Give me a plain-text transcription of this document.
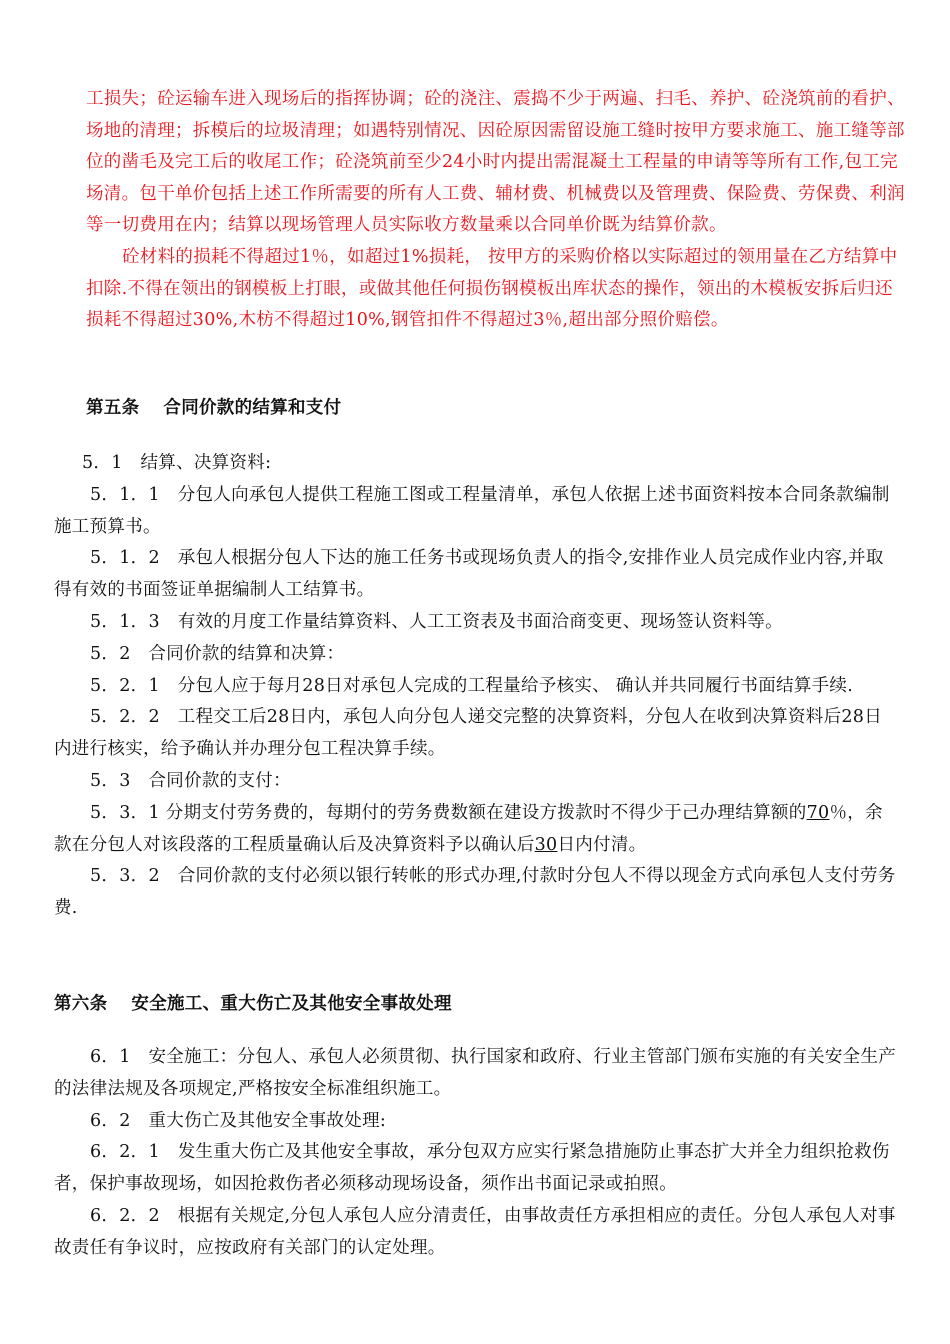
工损失；砼运输车进入现场后的指挥协调；砼的浇注、震捣不少于两遍、扫毛、养护、砼浇筑前的看护、场地的清理；拆模后的垃圾清理；如遇特别情况、因砼原因需留设施工缝时按甲方要求施工、施工缝等部位的凿毛及完工后的收尾工作；砼浇筑前至少24小时内提出需混凝土工程量的申请等等所有工作,包工完场清。包干单价包括上述工作所需要的所有人工费、辅材费、机械费以及管理费、保险费、劳保费、利润等一切费用在内；结算以现场管理人员实际收方数量乘以合同单价既为结算价款。

砼材料的损耗不得超过1％，如超过1%损耗， 按甲方的采购价格以实际超过的领用量在乙方结算中扣除.不得在领出的钢模板上打眼，或做其他任何损伤钢模板出库状态的操作，领出的木模板安拆后归还损耗不得超过30%,木枋不得超过10%,钢管扣件不得超过3％,超出部分照价赔偿。

第五条 合同价款的结算和支付

5．1　结算、决算资料:

5．1．1　分包人向承包人提供工程施工图或工程量清单，承包人依据上述书面资料按本合同条款编制施工预算书。

5．1．2　承包人根据分包人下达的施工任务书或现场负责人的指令,安排作业人员完成作业内容,并取得有效的书面签证单据编制人工结算书。

5．1．3　有效的月度工作量结算资料、人工工资表及书面洽商变更、现场签认资料等。

5．2　合同价款的结算和决算：

5．2．1　分包人应于每月28日对承包人完成的工程量给予核实、 确认并共同履行书面结算手续.

5．2．2　工程交工后28日内，承包人向分包人递交完整的决算资料，分包人在收到决算资料后28日内进行核实，给予确认并办理分包工程决算手续。

5．3　合同价款的支付：

5．3．1 分期支付劳务费的，每期付的劳务费数额在建设方拨款时不得少于己办理结算额的70％，余款在分包人对该段落的工程质量确认后及决算资料予以确认后30日内付清。

5．3．2　合同价款的支付必须以银行转帐的形式办理,付款时分包人不得以现金方式向承包人支付劳务费.

第六条 安全施工、重大伤亡及其他安全事故处理

6．1　安全施工：分包人、承包人必须贯彻、执行国家和政府、行业主管部门颁布实施的有关安全生产的法律法规及各项规定,严格按安全标准组织施工。

6．2　重大伤亡及其他安全事故处理:

6．2．1　发生重大伤亡及其他安全事故，承分包双方应实行紧急措施防止事态扩大并全力组织抢救伤者，保护事故现场，如因抢救伤者必须移动现场设备，须作出书面记录或拍照。

6．2．2　根据有关规定,分包人承包人应分清责任，由事故责任方承担相应的责任。分包人承包人对事故责任有争议时，应按政府有关部门的认定处理。
